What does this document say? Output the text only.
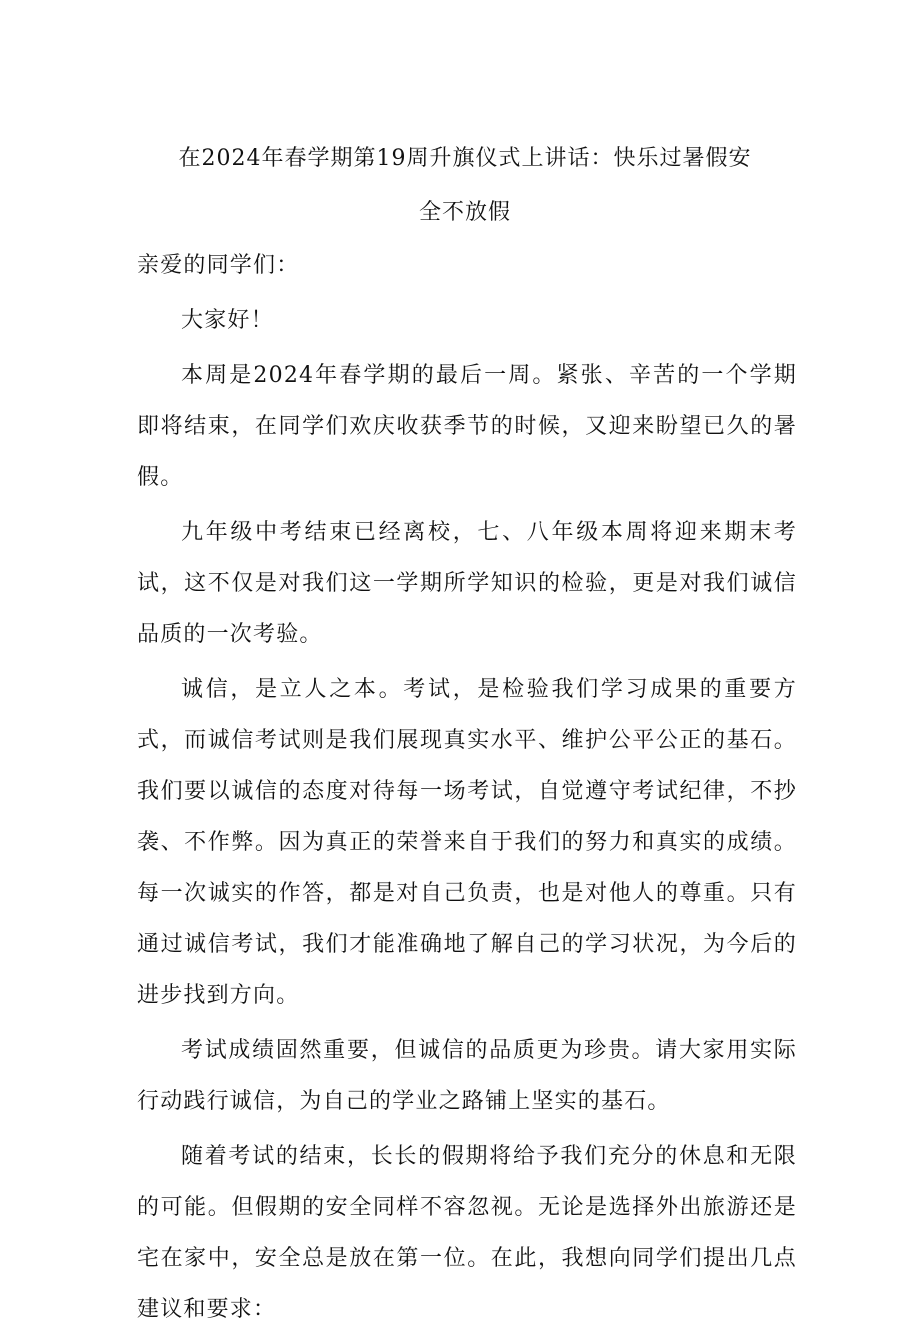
在2024年春学期第19周升旗仪式上讲话：快乐过暑假安

全不放假

亲爱的同学们：

大家好！

本周是2024年春学期的最后一周。紧张、辛苦的一个学期即将结束，在同学们欢庆收获季节的时候，又迎来盼望已久的暑假。

九年级中考结束已经离校，七、八年级本周将迎来期末考试，这不仅是对我们这一学期所学知识的检验，更是对我们诚信品质的一次考验。

诚信，是立人之本。考试，是检验我们学习成果的重要方式，而诚信考试则是我们展现真实水平、维护公平公正的基石。我们要以诚信的态度对待每一场考试，自觉遵守考试纪律，不抄袭、不作弊。因为真正的荣誉来自于我们的努力和真实的成绩。每一次诚实的作答，都是对自己负责，也是对他人的尊重。只有通过诚信考试，我们才能准确地了解自己的学习状况，为今后的进步找到方向。

考试成绩固然重要，但诚信的品质更为珍贵。请大家用实际行动践行诚信，为自己的学业之路铺上坚实的基石。

随着考试的结束，长长的假期将给予我们充分的休息和无限的可能。但假期的安全同样不容忽视。无论是选择外出旅游还是宅在家中，安全总是放在第一位。在此，我想向同学们提出几点建议和要求：
